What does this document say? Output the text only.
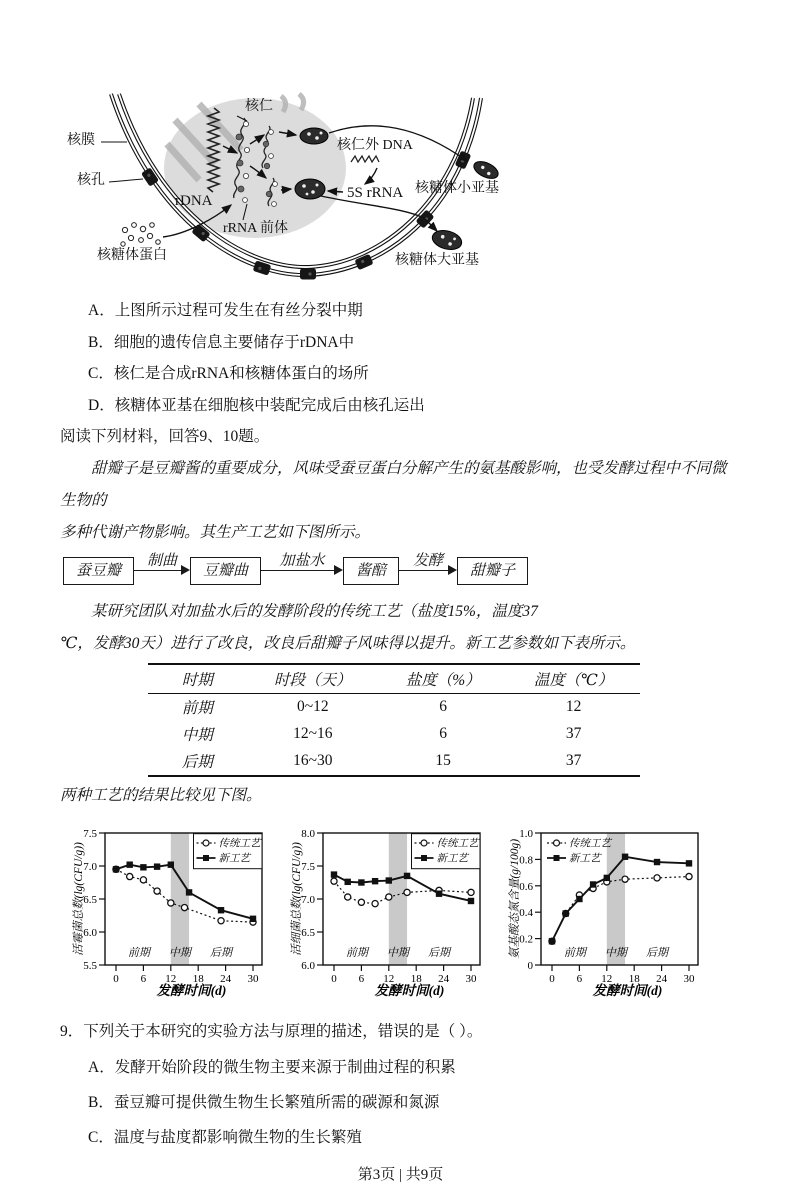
核仁
核膜
核孔
rDNA
rRNA 前体
核仁外 DNA
5S rRNA 核糖体小亚基
核糖体大亚基
核糖体蛋白
A．上图所示过程可发生在有丝分裂中期
B．细胞的遗传信息主要储存于rDNA中
C．核仁是合成rRNA和核糖体蛋白的场所
D．核糖体亚基在细胞核中装配完成后由核孔运出

阅读下列材料，回答9、10题。

甜瓣子是豆瓣酱的重要成分，风味受蚕豆蛋白分解产生的氨基酸影响，也受发酵过程中不同微生物的
多种代谢产物影响。其生产工艺如下图所示。
蚕豆瓣
制曲
豆瓣曲
加盐水
酱醅
发酵
甜瓣子
某研究团队对加盐水后的发酵阶段的传统工艺（盐度15%，温度37
℃，发酵30天）进行了改良，改良后甜瓣子风味得以提升。新工艺参数如下表所示。
时期	时段（天）	盐度（%）	温度（℃）
前期	0~12	6	12
中期	12~16	6	37
后期	16~30	15	37
两种工艺的结果比较见下图。
5.5
6.0
6.5
7.0
7.5
0 6 12 18 24 30
前期 中期 后期
传统工艺
新工艺
发酵时间(d)
活霉菌总数(lg(CFU/g))
6.0
6.5
7.0
7.5
8.0
0 6 12 18 24 30
前期 中期 后期
传统工艺
新工艺
发酵时间(d)
活细菌总数(lg(CFU/g))
0
0.2
0.4
0.6
0.8
1.0
0 6 12 18 24 30
前期 中期 后期
传统工艺
新工艺
发酵时间(d)
氨基酸态氮含量(g/100g)
9．下列关于本研究的实验方法与原理的描述，错误的是（ ）。
A．发酵开始阶段的微生物主要来源于制曲过程的积累
B．蚕豆瓣可提供微生物生长繁殖所需的碳源和氮源
C．温度与盐度都影响微生物的生长繁殖
第3页 | 共9页
